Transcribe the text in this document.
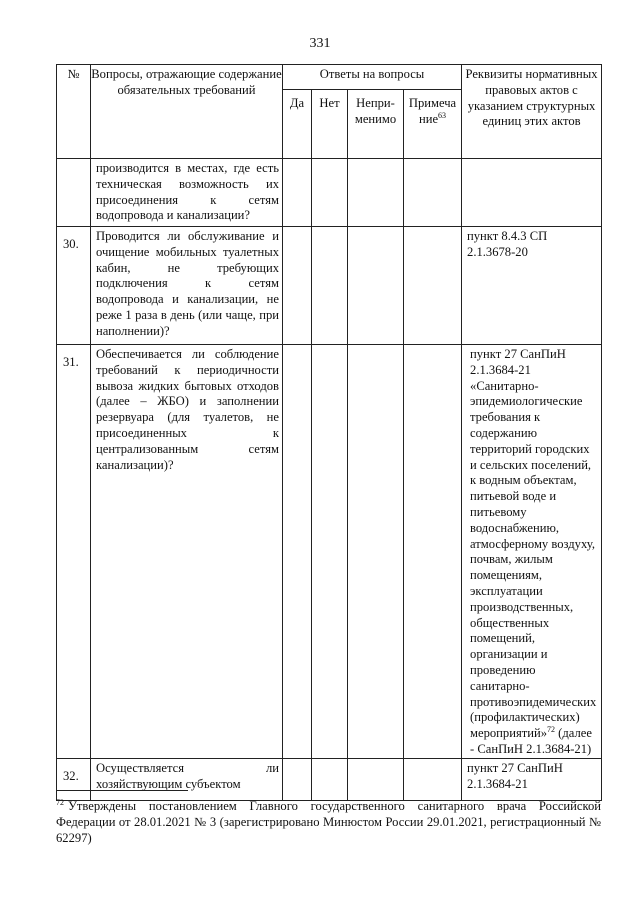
331
№	Вопросы, отражающие содержание обязательных требований	Ответы на вопросы				Реквизиты нормативных правовых актов с указанием структурных единиц этих актов
		Да	Нет	Непри-менимо	Примеча ние$^{63}$
	производится в местах, где есть техническая возможность их присоединения к сетям водопровода и канализации?					
30.	Проводится ли обслуживание и очищение мобильных туалетных кабин, не требующих подключения к сетям водопровода и канализации, не реже 1 раза в день (или чаще, при наполнении)?					пункт 8.4.3 СП 2.1.3678-20
31.	Обеспечивается ли соблюдение требований к периодичности вывоза жидких бытовых отходов (далее – ЖБО) и заполнении резервуара (для туалетов, не присоединенных к централизованным сетям канализации)?					пункт 27 СанПиН 2.1.3684-21 «Санитарно-эпидемиологические требования к содержанию территорий городских и сельских поселений, к водным объектам, питьевой воде и питьевому водоснабжению, атмосферному воздуху, почвам, жилым помещениям, эксплуатации производственных, общественных помещений, организации и проведению санитарно-противоэпидемических (профилактических) мероприятий»$^{72}$ (далее - СанПиН 2.1.3684-21)
32.	Осуществляется ли хозяйствующим субъектом					пункт 27 СанПиН 2.1.3684-21
$^{72}$ Утверждены постановлением Главного государственного санитарного врача Российской Федерации от 28.01.2021 № 3 (зарегистрировано Минюстом России 29.01.2021, регистрационный № 62297)
